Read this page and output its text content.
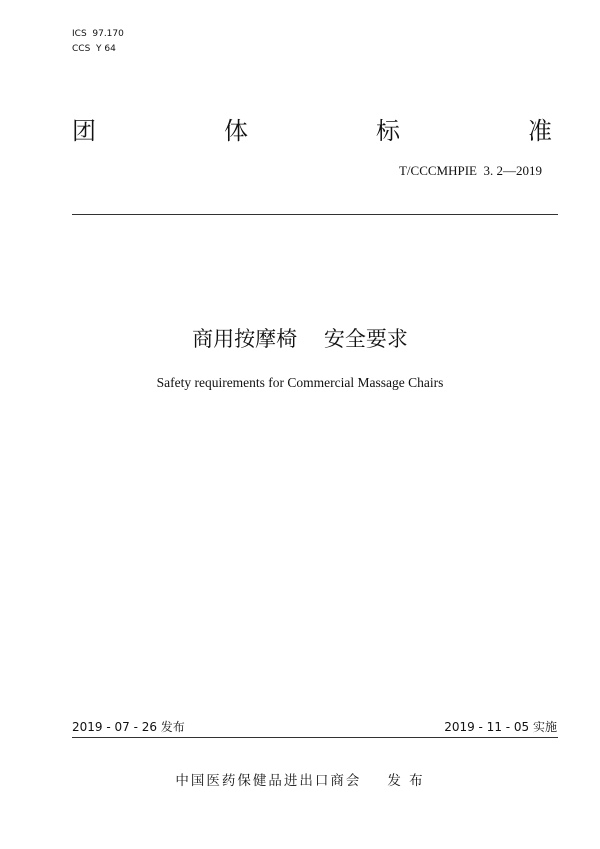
ICS  97.170
CCS  Y 64
团	体	标	准
T/CCCMHPIE  3. 2—2019
商用按摩椅    安全要求
Safety requirements for Commercial Massage Chairs
2019 - 07 - 26 发布	2019 - 11 - 05 实施
中国医药保健品进出口商会 发 布
